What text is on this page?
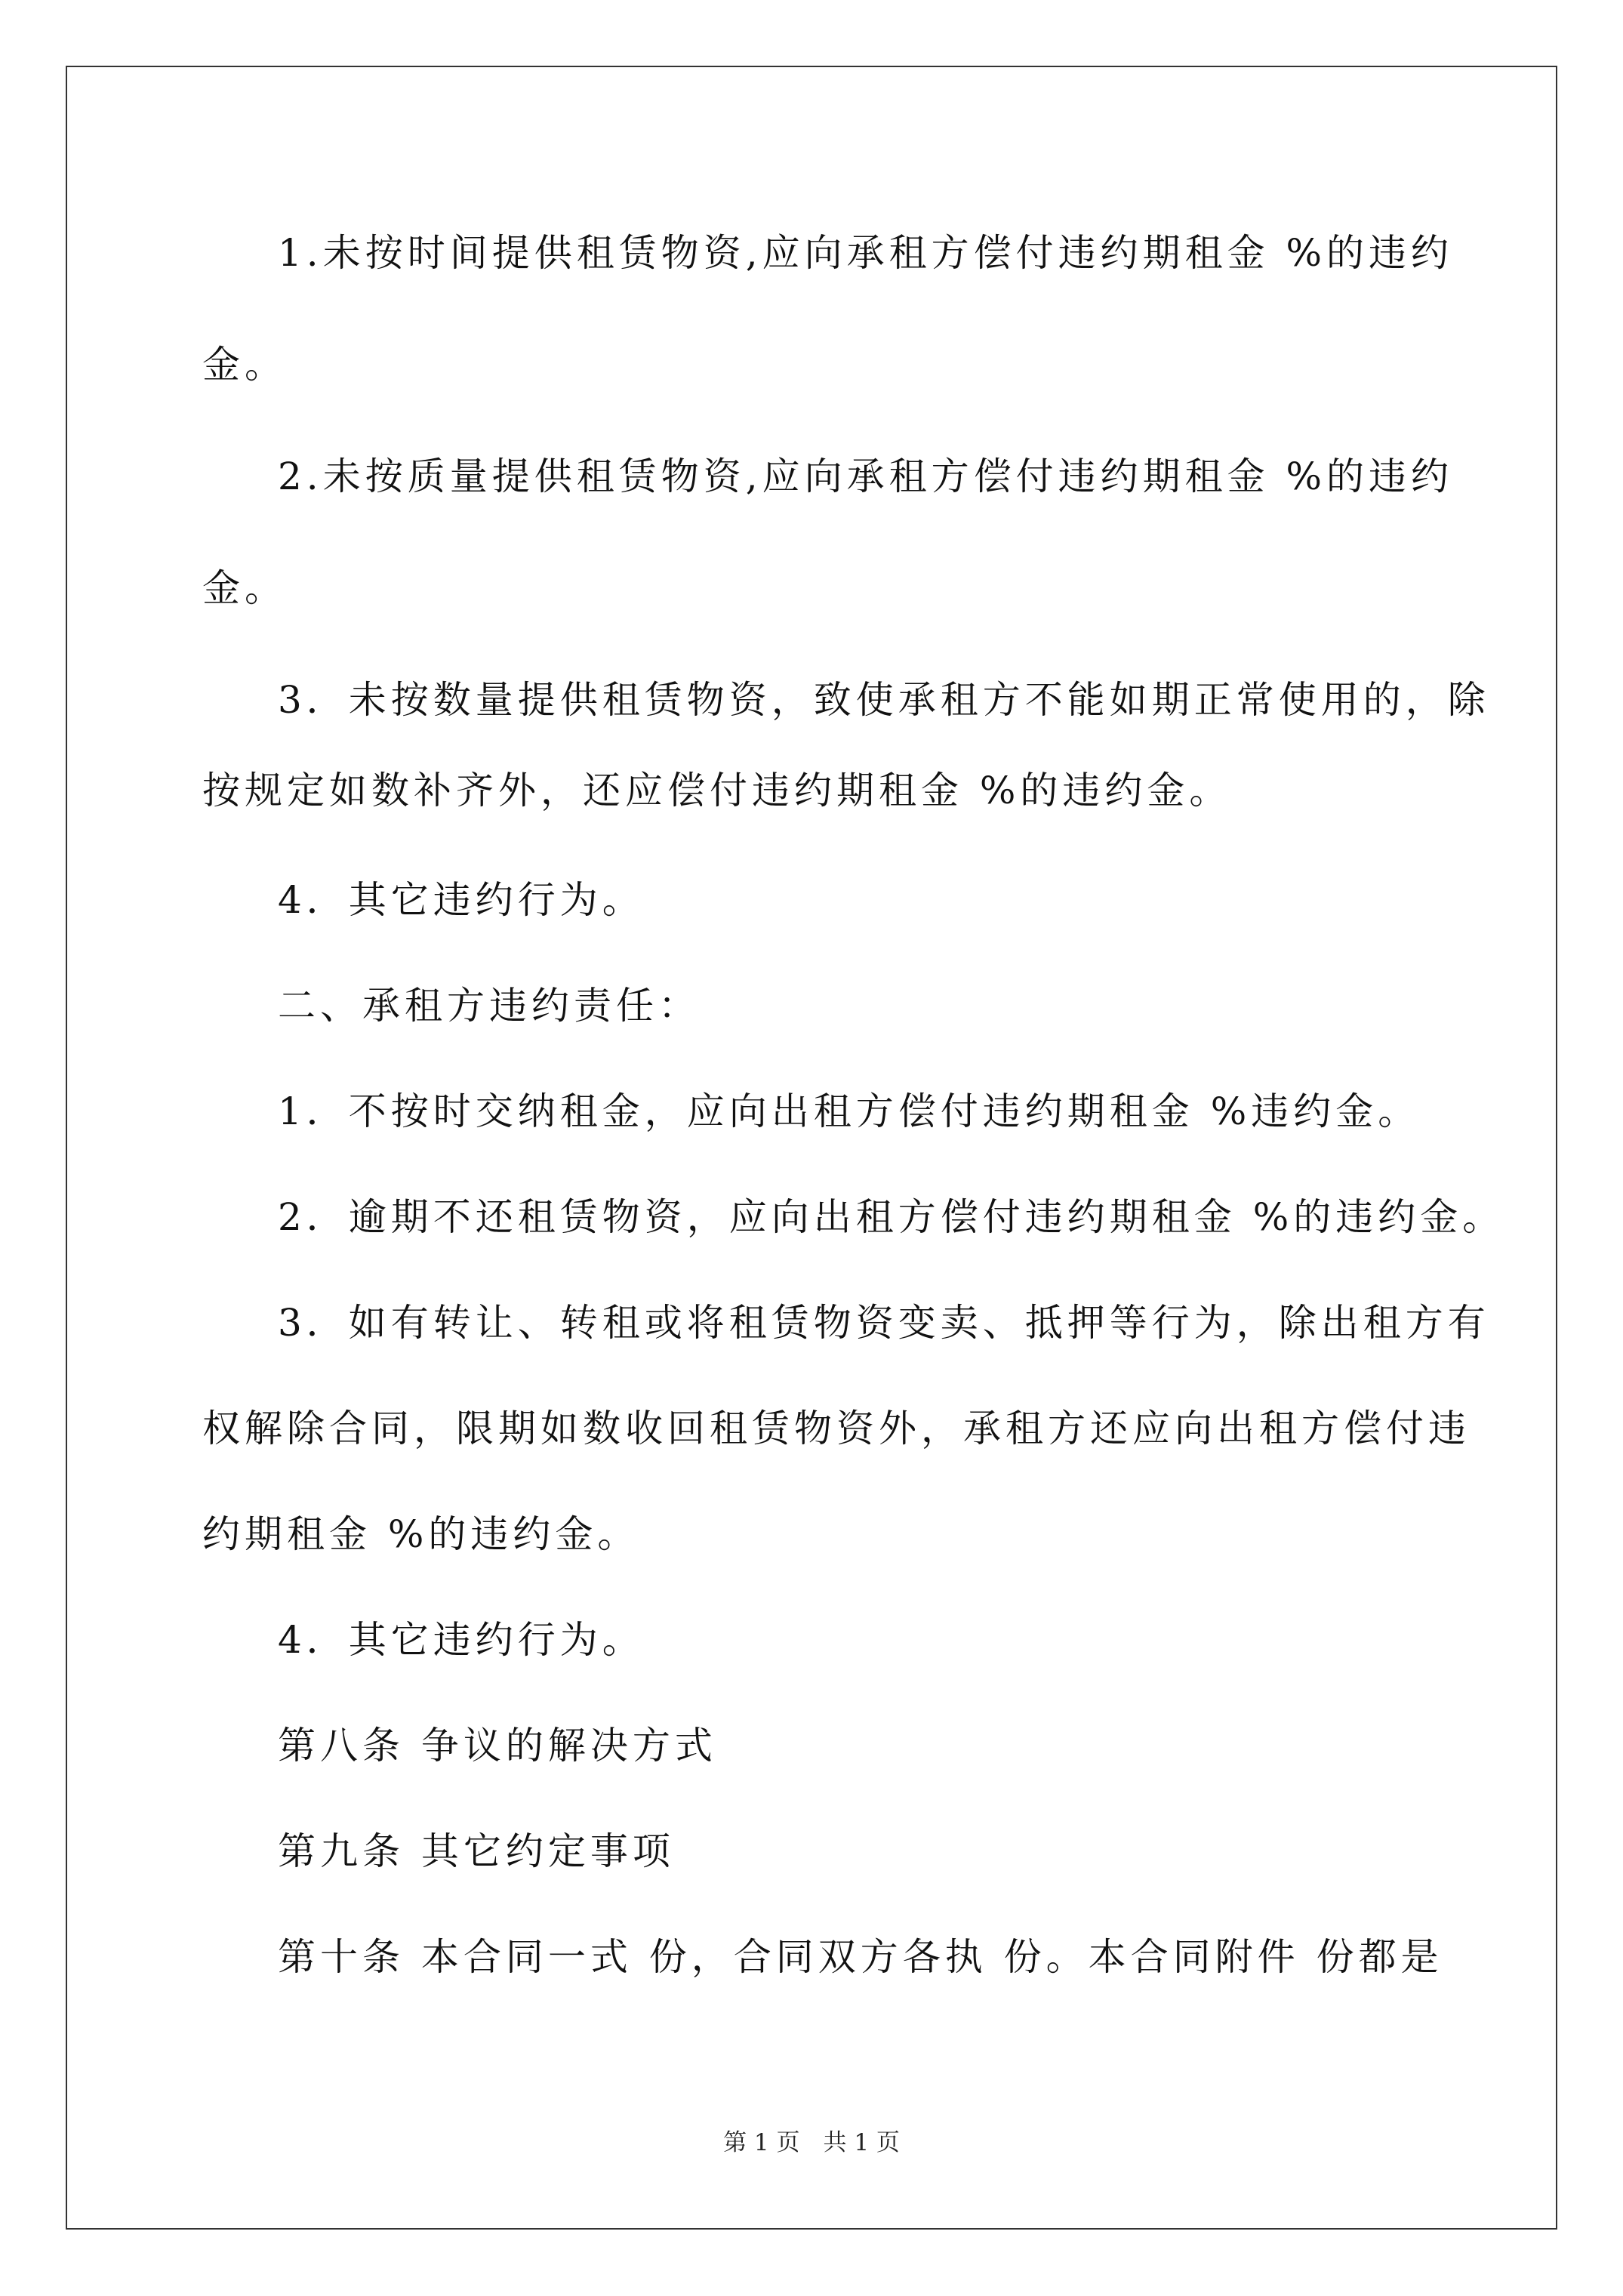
1.未按时间提供租赁物资,应向承租方偿付违约期租金 %的违约
金。
2.未按质量提供租赁物资,应向承租方偿付违约期租金 %的违约
金。
3．未按数量提供租赁物资，致使承租方不能如期正常使用的，除
按规定如数补齐外，还应偿付违约期租金 %的违约金。
4．其它违约行为。
二、承租方违约责任：
1．不按时交纳租金，应向出租方偿付违约期租金 %违约金。
2．逾期不还租赁物资，应向出租方偿付违约期租金 %的违约金。
3．如有转让、转租或将租赁物资变卖、抵押等行为，除出租方有
权解除合同，限期如数收回租赁物资外，承租方还应向出租方偿付违
约期租金 %的违约金。
4．其它违约行为。
第八条 争议的解决方式
第九条 其它约定事项
第十条 本合同一式 份，合同双方各执 份。本合同附件 份都是
第 1 页　共 1 页
